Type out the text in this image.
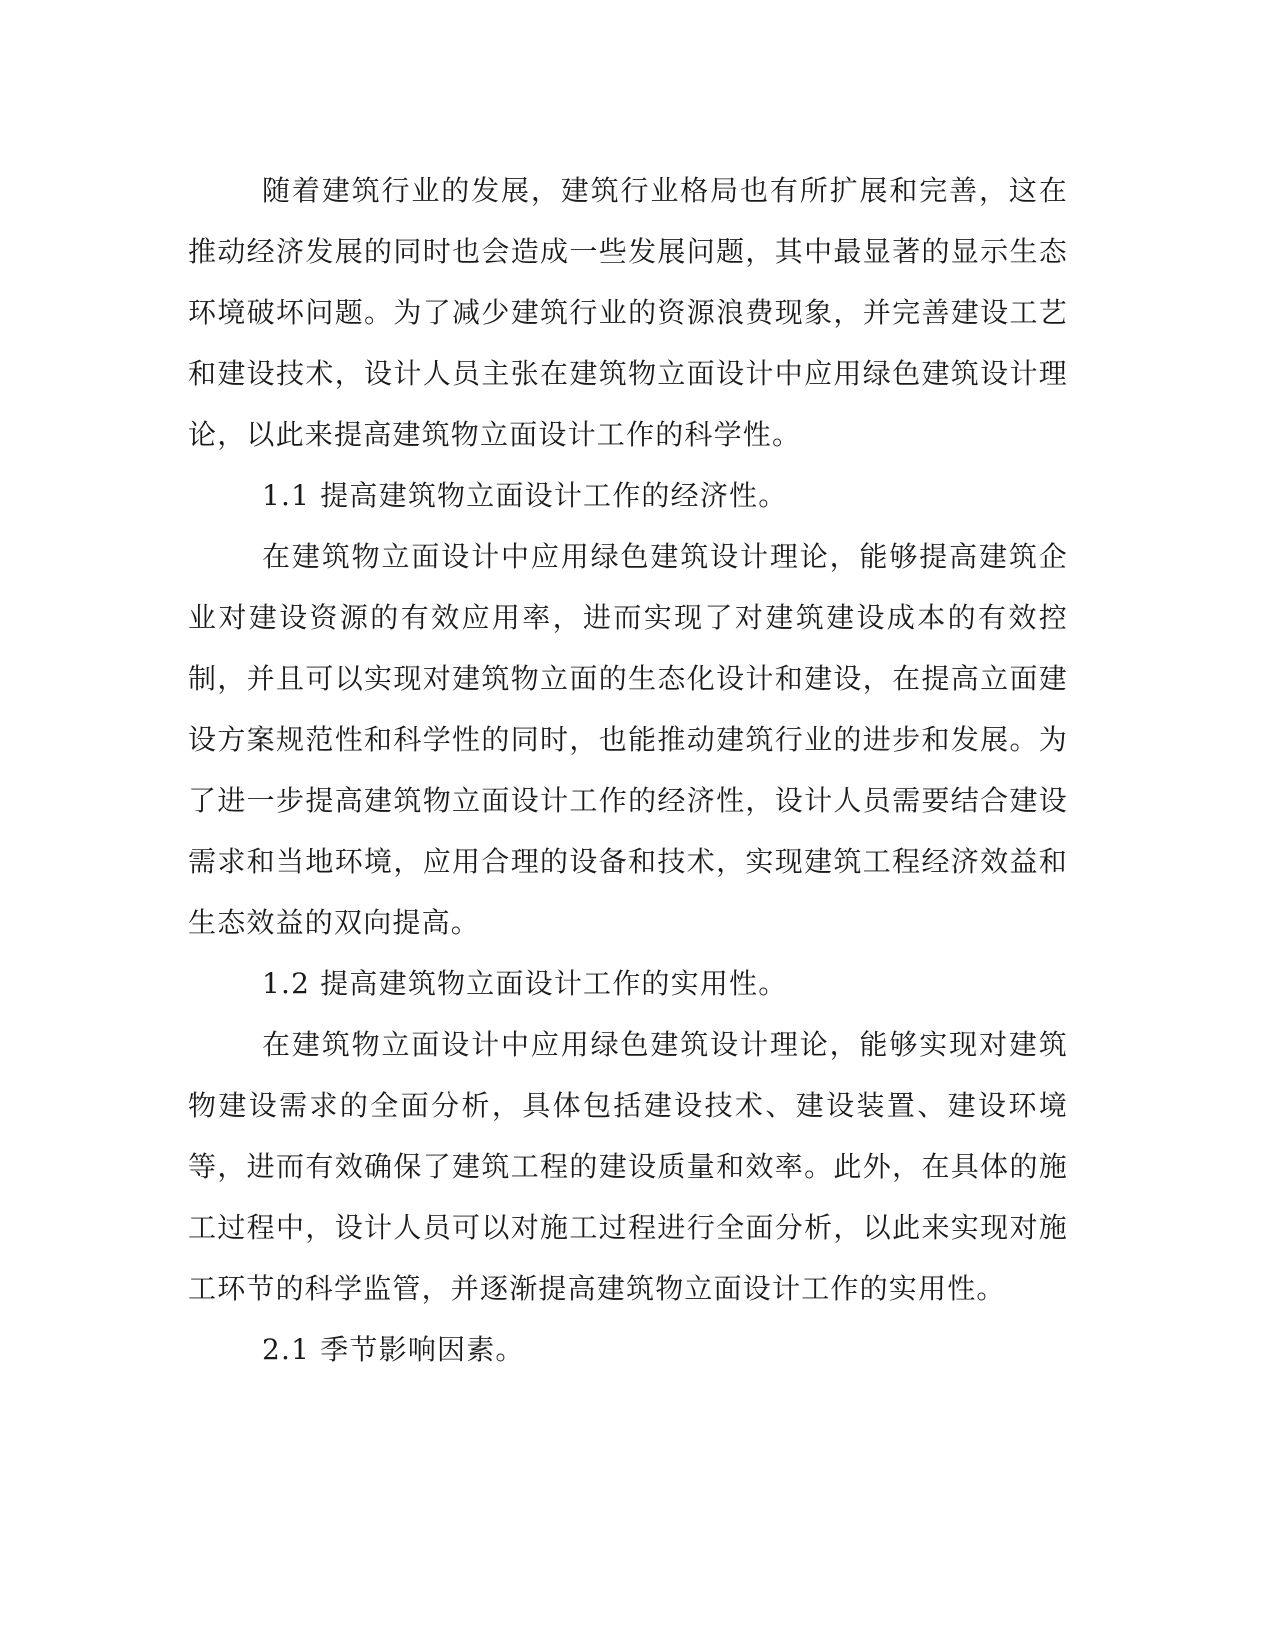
随着建筑行业的发展，建筑行业格局也有所扩展和完善，这在推动经济发展的同时也会造成一些发展问题，其中最显著的显示生态环境破坏问题。为了减少建筑行业的资源浪费现象，并完善建设工艺和建设技术，设计人员主张在建筑物立面设计中应用绿色建筑设计理论，以此来提高建筑物立面设计工作的科学性。

1.1 提高建筑物立面设计工作的经济性。

在建筑物立面设计中应用绿色建筑设计理论，能够提高建筑企业对建设资源的有效应用率，进而实现了对建筑建设成本的有效控制，并且可以实现对建筑物立面的生态化设计和建设，在提高立面建设方案规范性和科学性的同时，也能推动建筑行业的进步和发展。为了进一步提高建筑物立面设计工作的经济性，设计人员需要结合建设需求和当地环境，应用合理的设备和技术，实现建筑工程经济效益和生态效益的双向提高。

1.2 提高建筑物立面设计工作的实用性。

在建筑物立面设计中应用绿色建筑设计理论，能够实现对建筑物建设需求的全面分析，具体包括建设技术、建设装置、建设环境等，进而有效确保了建筑工程的建设质量和效率。此外，在具体的施工过程中，设计人员可以对施工过程进行全面分析，以此来实现对施工环节的科学监管，并逐渐提高建筑物立面设计工作的实用性。

2.1 季节影响因素。
